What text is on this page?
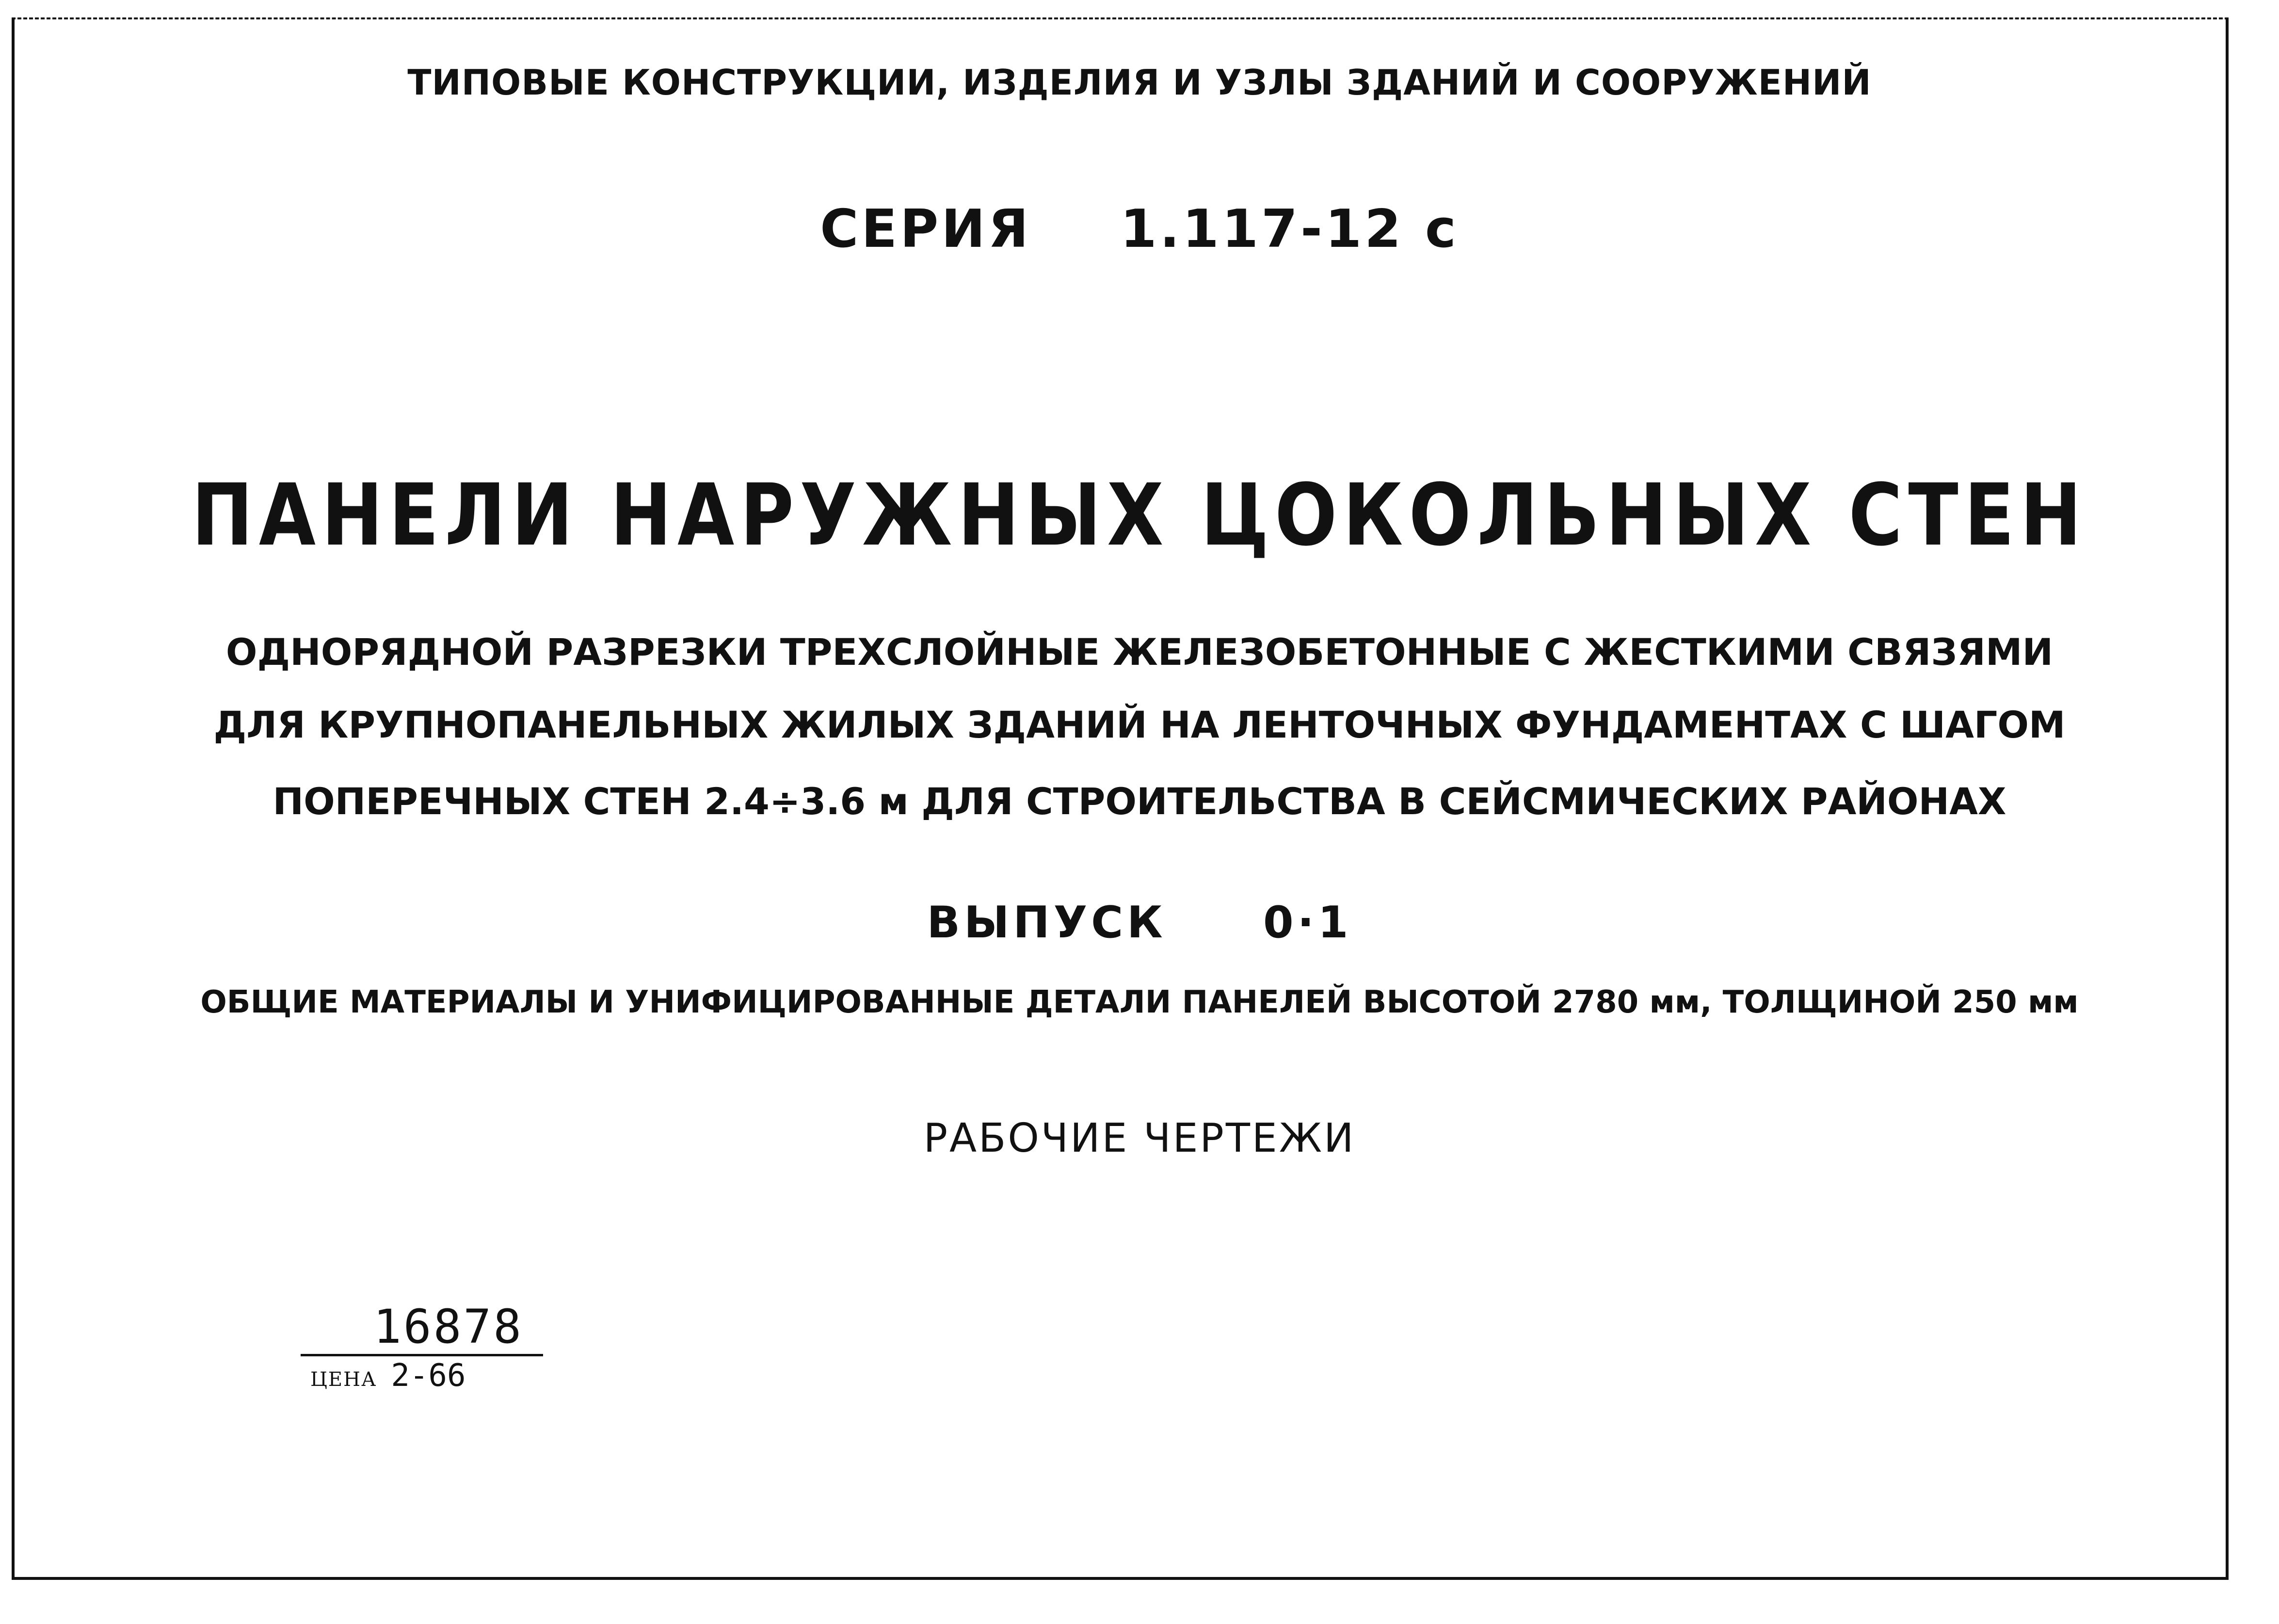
ТИПОВЫЕ КОНСТРУКЦИИ, ИЗДЕЛИЯ И УЗЛЫ ЗДАНИЙ И СООРУЖЕНИЙ
СЕРИЯ 1.117-12 с
ПАНЕЛИ НАРУЖНЫХ ЦОКОЛЬНЫХ СТЕН
ОДНОРЯДНОЙ РАЗРЕЗКИ ТРЕХСЛОЙНЫЕ ЖЕЛЕЗОБЕТОННЫЕ С ЖЕСТКИМИ СВЯЗЯМИ
ДЛЯ КРУПНОПАНЕЛЬНЫХ ЖИЛЫХ ЗДАНИЙ НА ЛЕНТОЧНЫХ ФУНДАМЕНТАХ С ШАГОМ
ПОПЕРЕЧНЫХ СТЕН 2.4÷3.6 м ДЛЯ СТРОИТЕЛЬСТВА В СЕЙСМИЧЕСКИХ РАЙОНАХ
ВЫПУСК 0·1
ОБЩИЕ МАТЕРИАЛЫ И УНИФИЦИРОВАННЫЕ ДЕТАЛИ ПАНЕЛЕЙ ВЫСОТОЙ 2780 мм, ТОЛЩИНОЙ 250 мм
РАБОЧИЕ ЧЕРТЕЖИ
16878
ЦЕНА 2-66
